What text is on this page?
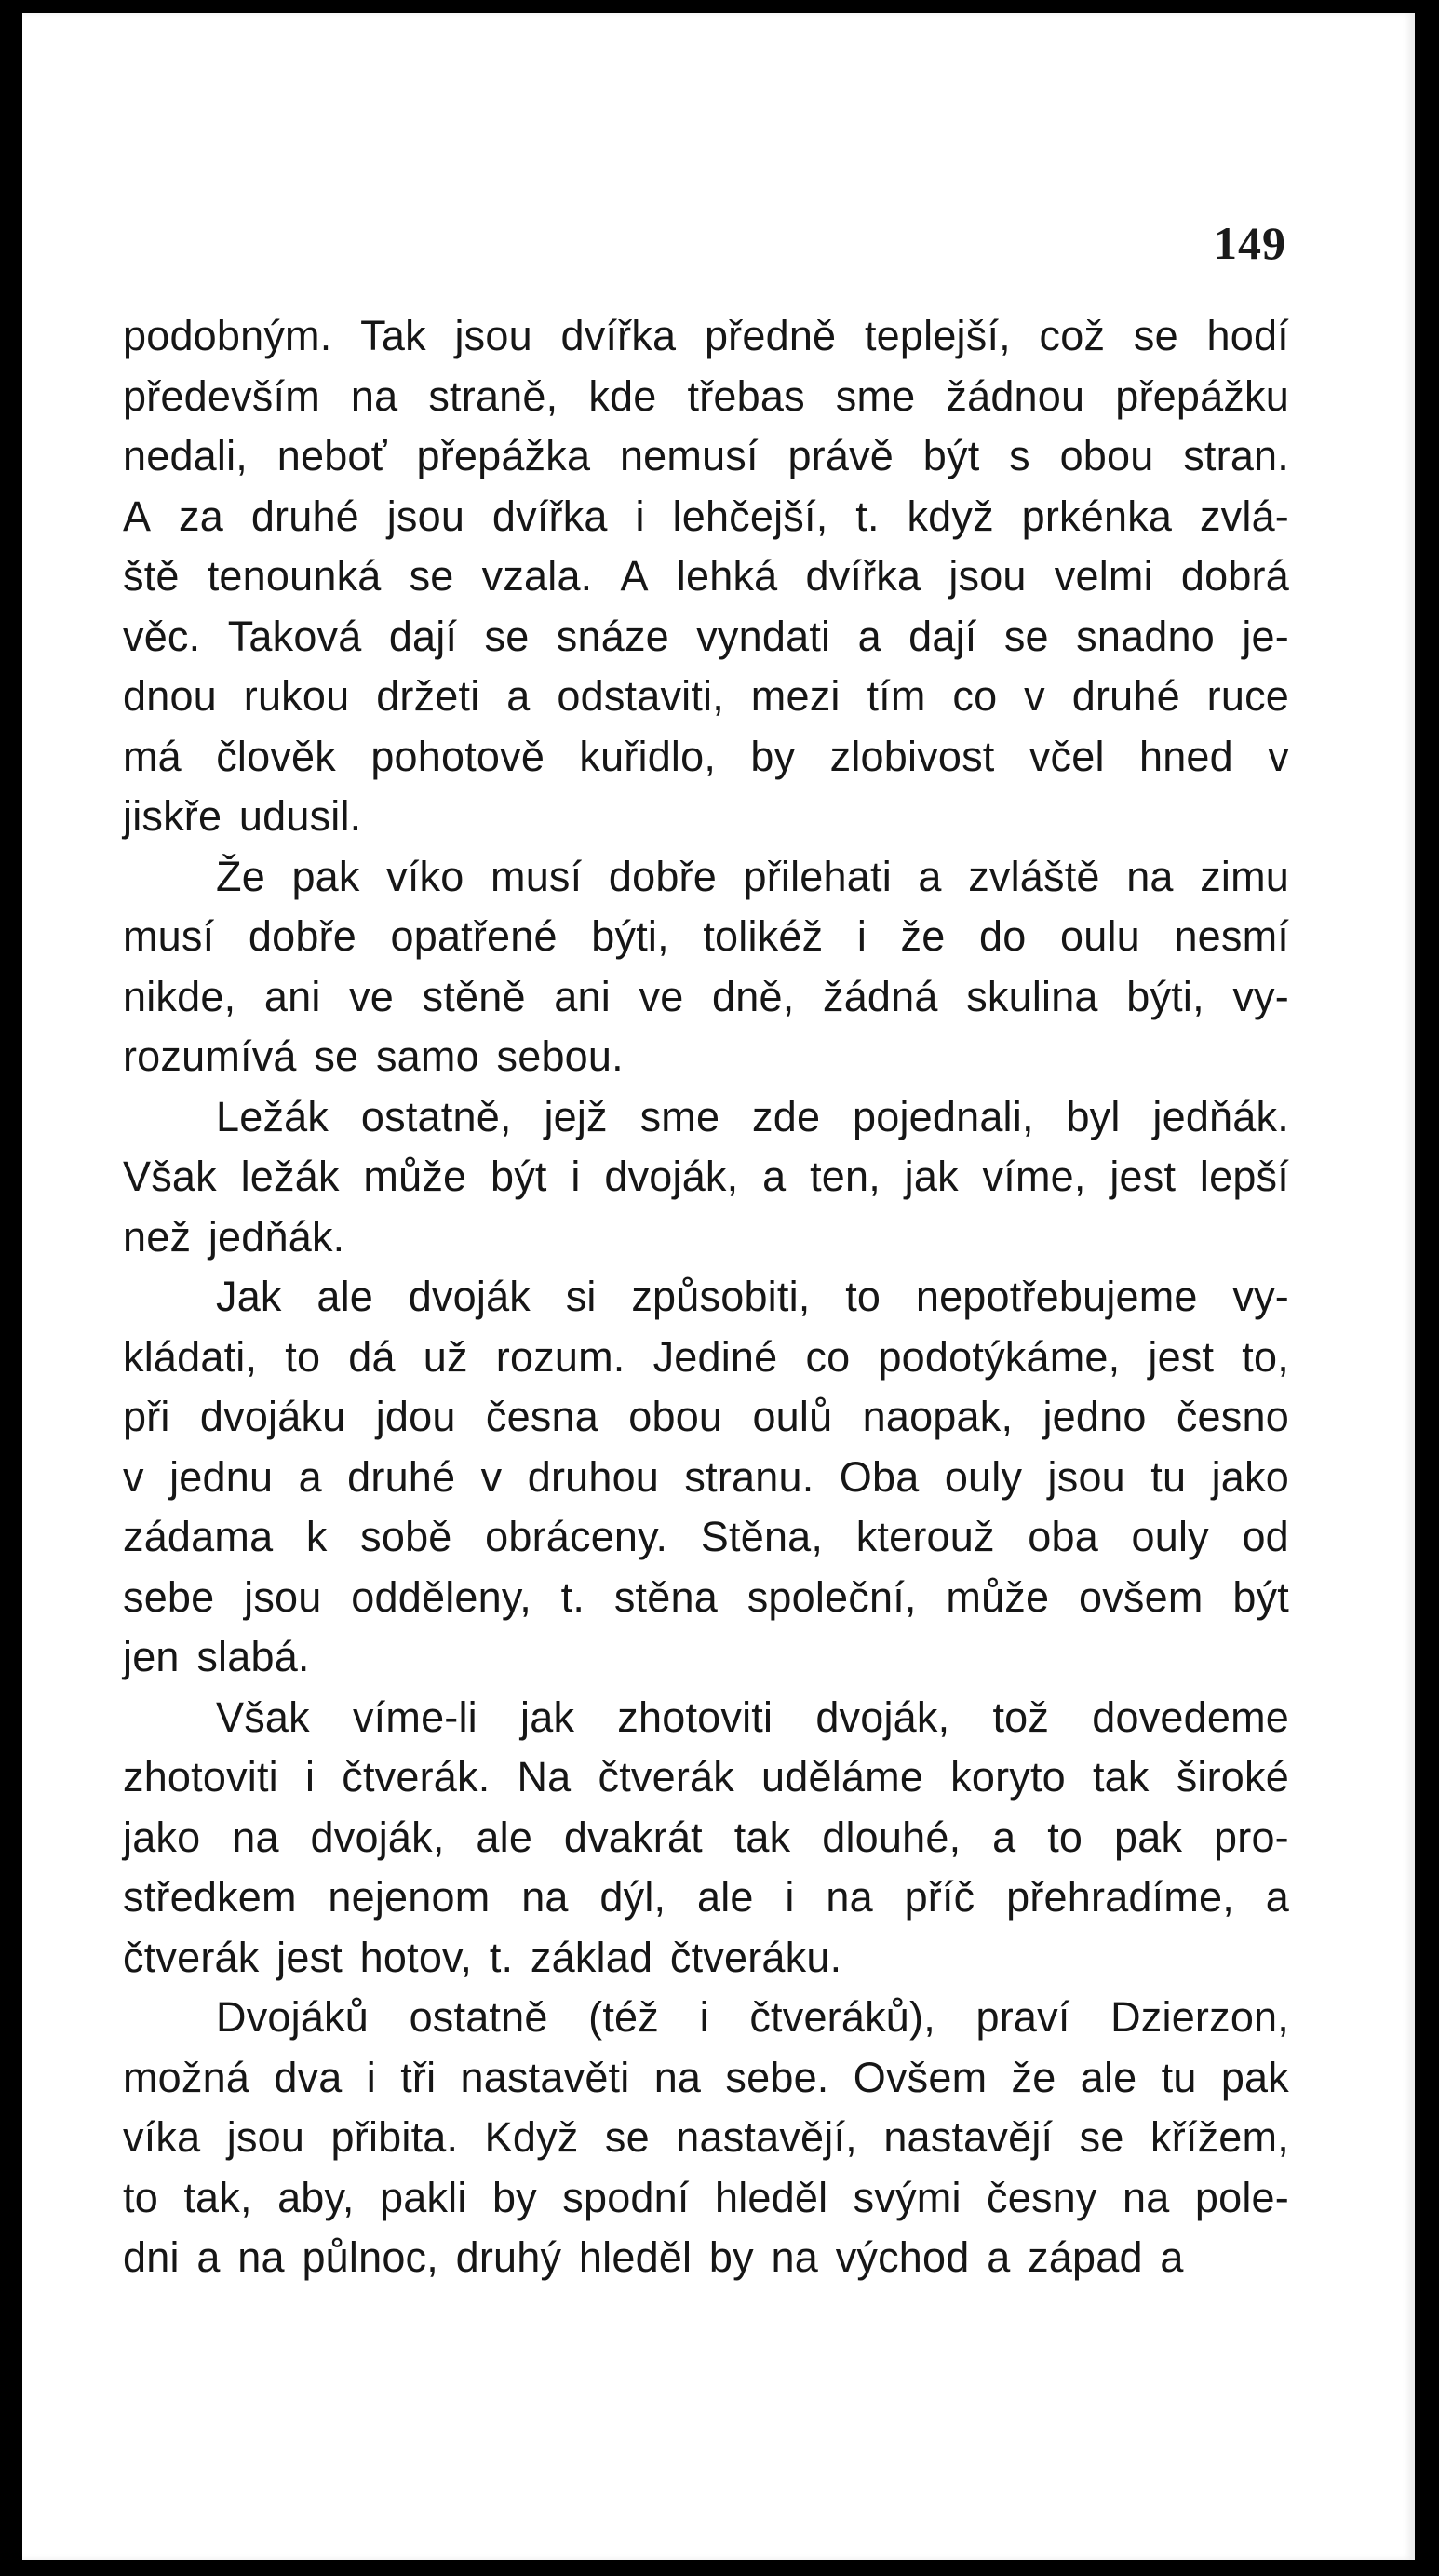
149
podobným. Tak jsou dvířka předně teplejší, což se hodí
především na straně, kde třebas sme žádnou přepážku
nedali, neboť přepážka nemusí právě být s obou stran.
A za druhé jsou dvířka i lehčejší, t. když prkénka zvlá-
ště tenounká se vzala. A lehká dvířka jsou velmi dobrá
věc. Taková dají se snáze vyndati a dají se snadno je-
dnou rukou držeti a odstaviti, mezi tím co v druhé ruce
má člověk pohotově kuřidlo, by zlobivost včel hned v
jiskře udusil.
Že pak víko musí dobře přilehati a zvláště na zimu
musí dobře opatřené býti, tolikéž i že do oulu nesmí
nikde, ani ve stěně ani ve dně, žádná skulina býti, vy-
rozumívá se samo sebou.
Ležák ostatně, jejž sme zde pojednali, byl jedňák.
Však ležák může být i dvoják, a ten, jak víme, jest lepší
než jedňák.
Jak ale dvoják si způsobiti, to nepotřebujeme vy-
kládati, to dá už rozum. Jediné co podotýkáme, jest to,
při dvojáku jdou česna obou oulů naopak, jedno česno
v jednu a druhé v druhou stranu. Oba ouly jsou tu jako
zádama k sobě obráceny. Stěna, kterouž oba ouly od
sebe jsou odděleny, t. stěna společní, může ovšem být
jen slabá.
Však víme-li jak zhotoviti dvoják, tož dovedeme
zhotoviti i čtverák. Na čtverák uděláme koryto tak široké
jako na dvoják, ale dvakrát tak dlouhé, a to pak pro-
středkem nejenom na dýl, ale i na příč přehradíme, a
čtverák jest hotov, t. základ čtveráku.
Dvojáků ostatně (též i čtveráků), praví Dzierzon,
možná dva i tři nastavěti na sebe. Ovšem že ale tu pak
víka jsou přibita. Když se nastavějí, nastavějí se křížem,
to tak, aby, pakli by spodní hleděl svými česny na pole-
dni a na půlnoc, druhý hleděl by na východ a západ a
